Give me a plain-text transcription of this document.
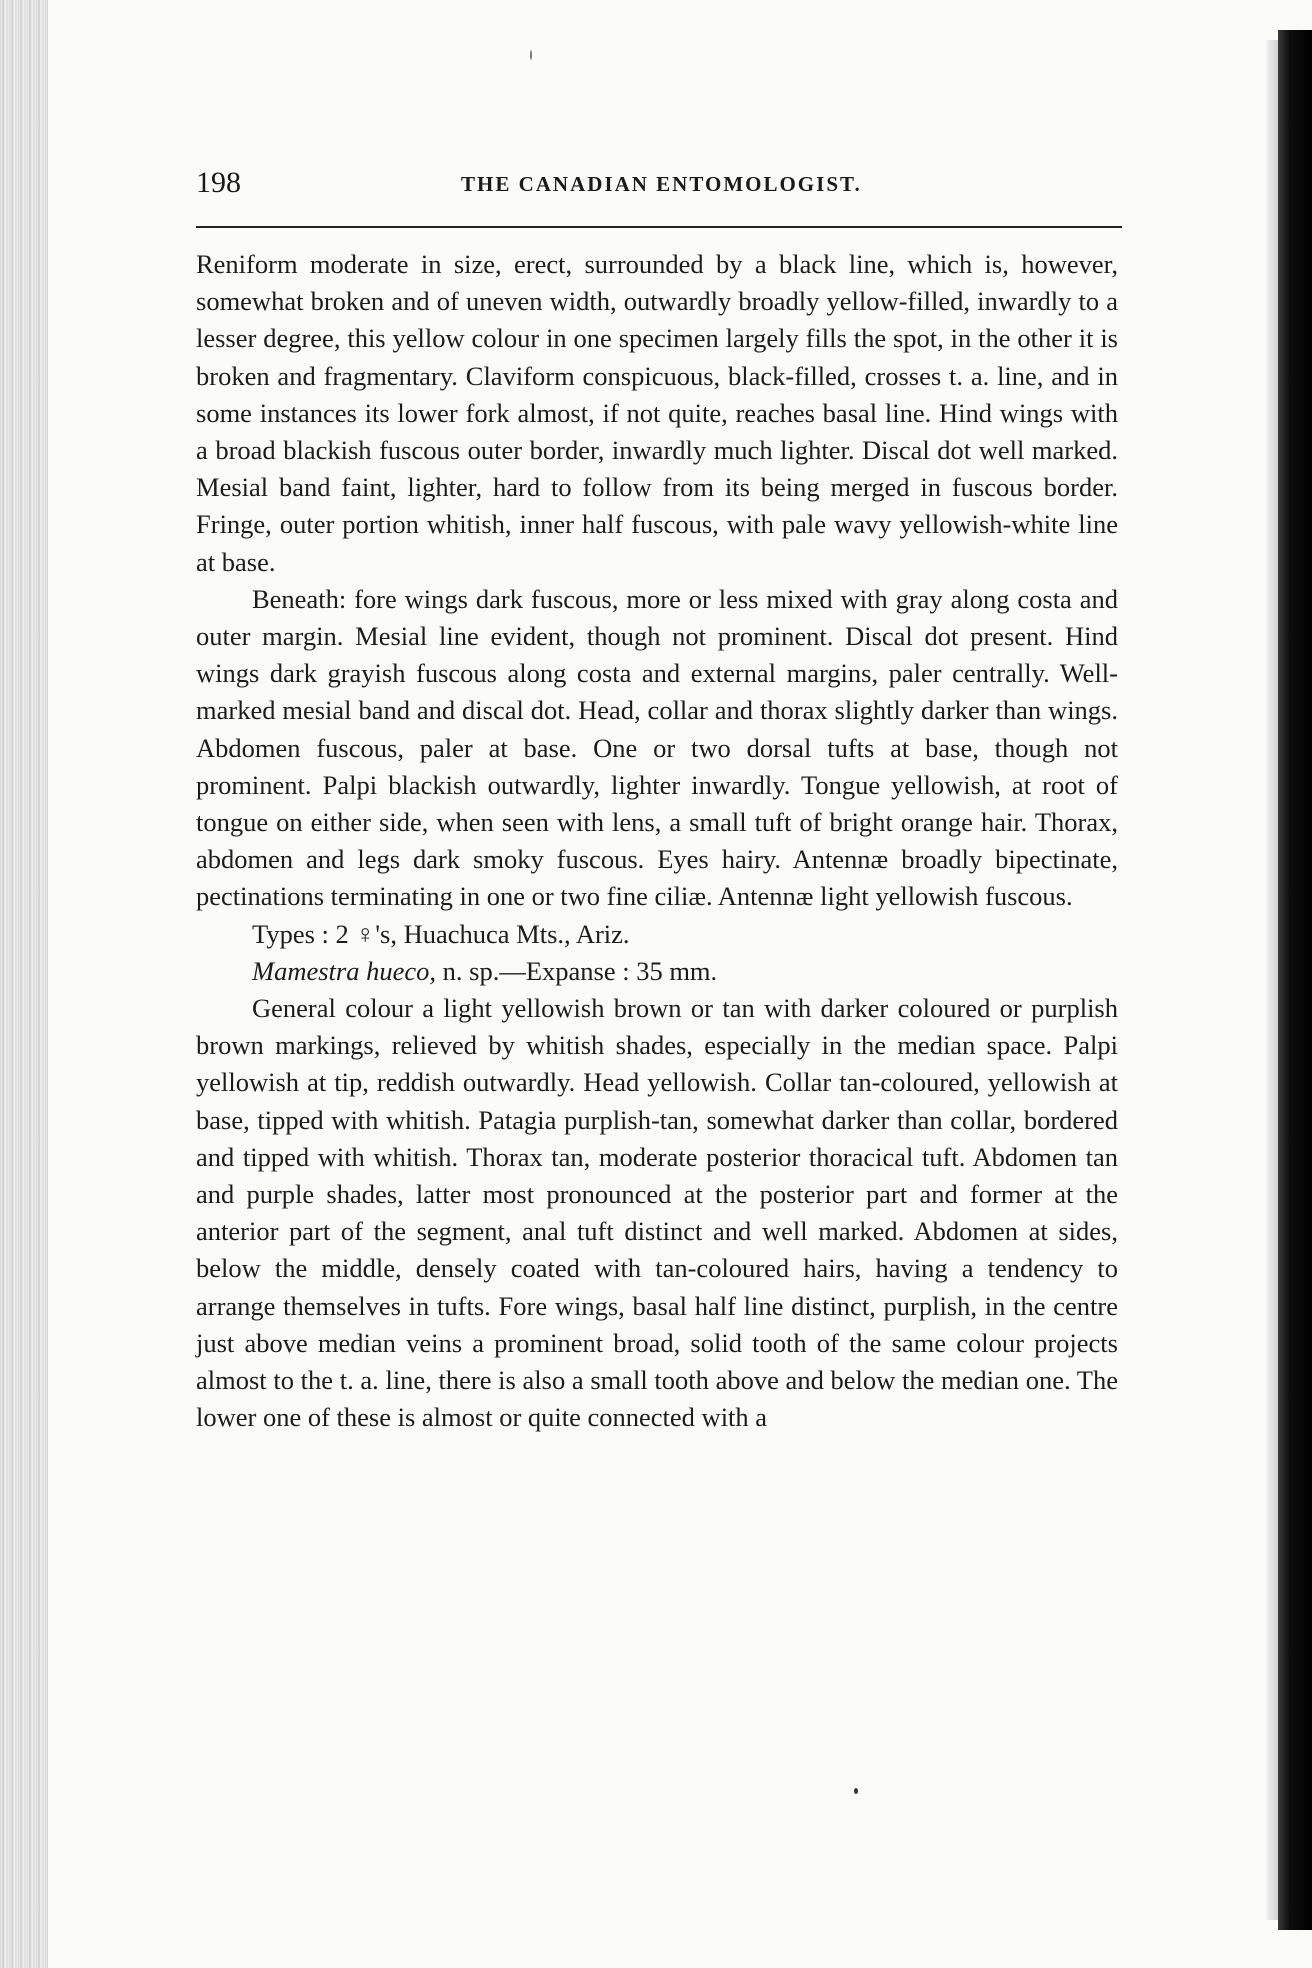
198	THE CANADIAN ENTOMOLOGIST.

Reniform moderate in size, erect, surrounded by a black line, which is, however, somewhat broken and of uneven width, outwardly broadly yellow-filled, inwardly to a lesser degree, this yellow colour in one specimen largely fills the spot, in the other it is broken and fragmentary. Claviform conspicuous, black-filled, crosses t. a. line, and in some instances its lower fork almost, if not quite, reaches basal line. Hind wings with a broad blackish fuscous outer border, inwardly much lighter. Discal dot well marked. Mesial band faint, lighter, hard to follow from its being merged in fuscous border. Fringe, outer portion whitish, inner half fuscous, with pale wavy yellowish-white line at base.

Beneath: fore wings dark fuscous, more or less mixed with gray along costa and outer margin. Mesial line evident, though not prominent. Discal dot present. Hind wings dark grayish fuscous along costa and external margins, paler centrally. Well-marked mesial band and discal dot. Head, collar and thorax slightly darker than wings. Abdomen fuscous, paler at base. One or two dorsal tufts at base, though not prominent. Palpi blackish outwardly, lighter inwardly. Tongue yellowish, at root of tongue on either side, when seen with lens, a small tuft of bright orange hair. Thorax, abdomen and legs dark smoky fuscous. Eyes hairy. Antennæ broadly bipectinate, pectinations terminating in one or two fine ciliæ. Antennæ light yellowish fuscous.

Types : 2 ♀'s, Huachuca Mts., Ariz.

Mamestra hueco, n. sp.—Expanse : 35 mm.

General colour a light yellowish brown or tan with darker coloured or purplish brown markings, relieved by whitish shades, especially in the median space. Palpi yellowish at tip, reddish outwardly. Head yellowish. Collar tan-coloured, yellowish at base, tipped with whitish. Patagia purplish-tan, somewhat darker than collar, bordered and tipped with whitish. Thorax tan, moderate posterior thoracical tuft. Abdomen tan and purple shades, latter most pronounced at the posterior part and former at the anterior part of the segment, anal tuft distinct and well marked. Abdomen at sides, below the middle, densely coated with tan-coloured hairs, having a tendency to arrange themselves in tufts. Fore wings, basal half line distinct, purplish, in the centre just above median veins a prominent broad, solid tooth of the same colour projects almost to the t. a. line, there is also a small tooth above and below the median one. The lower one of these is almost or quite connected with a
